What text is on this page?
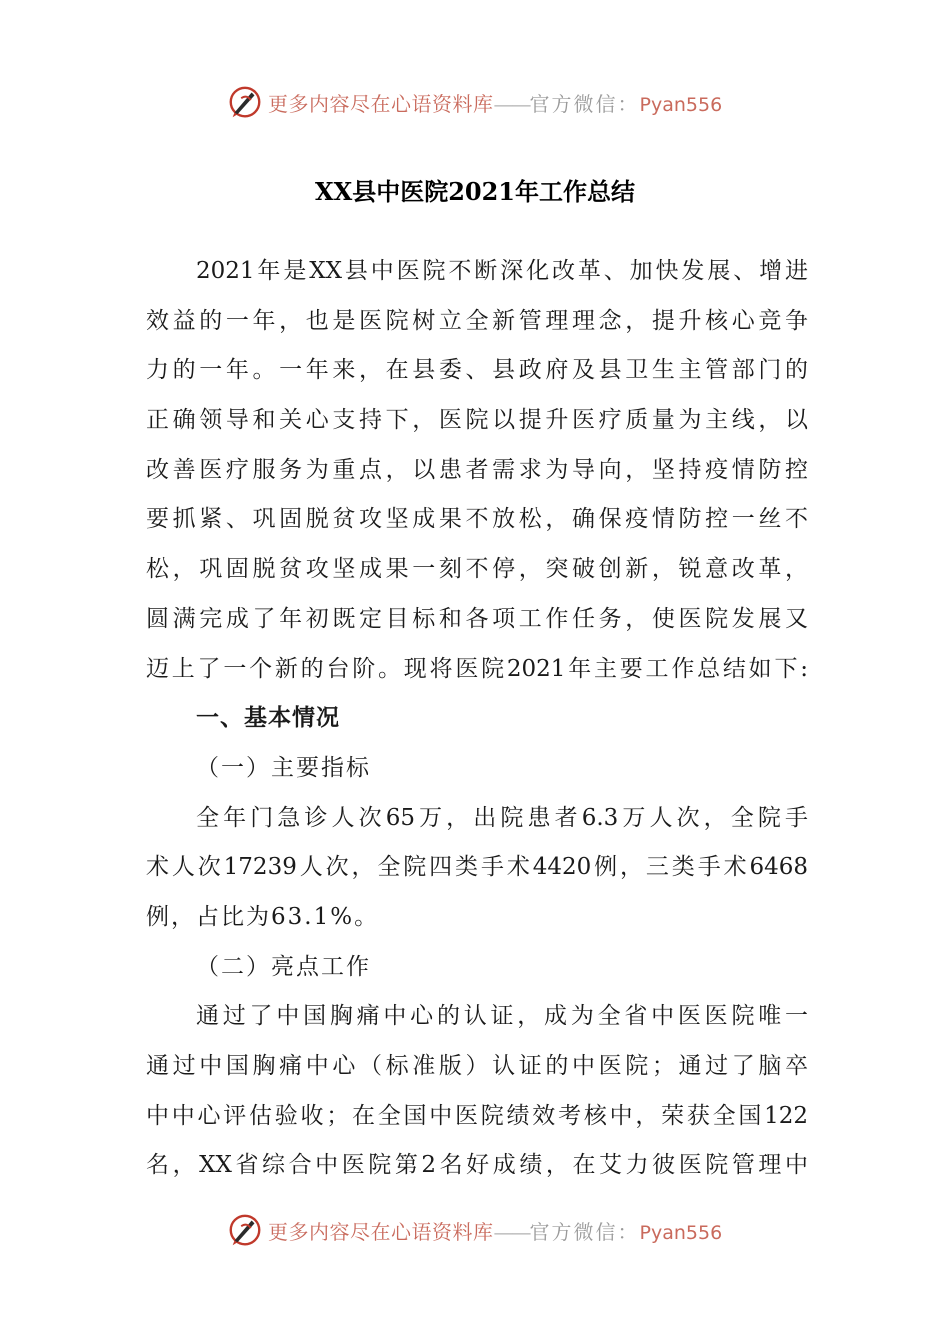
更多内容尽在心语资料库——官方微信：Pyan556
XX县中医院2021年工作总结
2021年是XX县中医院不断深化改革、加快发展、增进
效益的一年，也是医院树立全新管理理念，提升核心竞争
力的一年。一年来，在县委、县政府及县卫生主管部门的
正确领导和关心支持下，医院以提升医疗质量为主线，以
改善医疗服务为重点，以患者需求为导向，坚持疫情防控
要抓紧、巩固脱贫攻坚成果不放松，确保疫情防控一丝不
松，巩固脱贫攻坚成果一刻不停，突破创新，锐意改革，
圆满完成了年初既定目标和各项工作任务，使医院发展又
迈上了一个新的台阶。现将医院2021年主要工作总结如下:
一、基本情况
（一）主要指标
全年门急诊人次65万，出院患者6.3万人次，全院手
术人次17239人次，全院四类手术4420例，三类手术6468
例，占比为63.1%。
（二）亮点工作
通过了中国胸痛中心的认证，成为全省中医医院唯一
通过中国胸痛中心（标准版）认证的中医院；通过了脑卒
中中心评估验收；在全国中医院绩效考核中，荣获全国122
名，XX省综合中医院第2名好成绩，在艾力彼医院管理中
更多内容尽在心语资料库——官方微信：Pyan556
